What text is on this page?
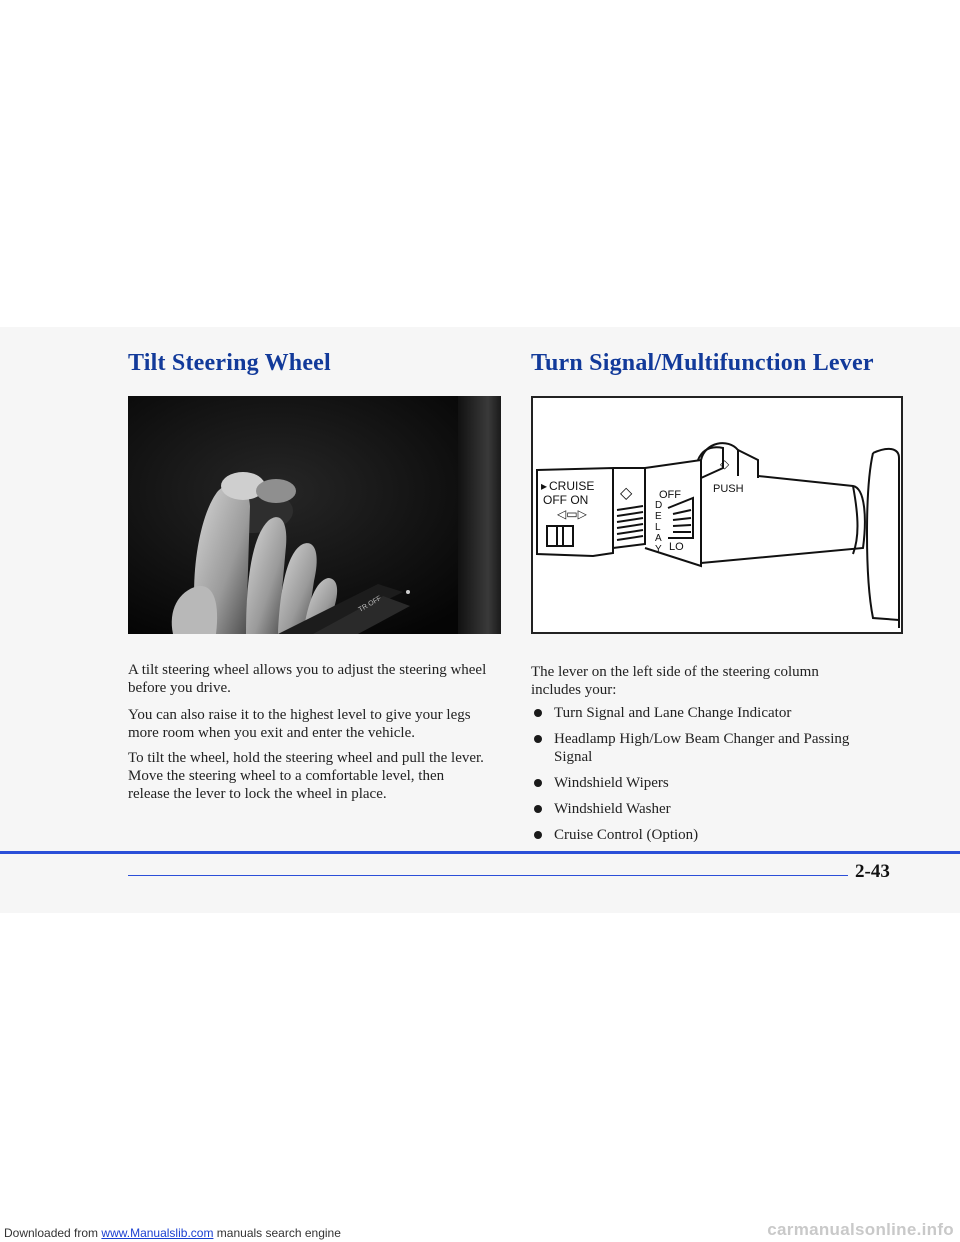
Tilt Steering Wheel	Turn Signal/Multifunction Lever
TR OFF
CRUISE
OFF ON
▸
◁▭▷
◇ OFF
D
E
L
A
Y LO
PUSH
◇

A tilt steering wheel allows you to adjust the steering wheel before you drive.

You can also raise it to the highest level to give your legs more room when you exit and enter the vehicle.

To tilt the wheel, hold the steering wheel and pull the lever. Move the steering wheel to a comfortable level, then release the lever to lock the wheel in place.

The lever on the left side of the steering column includes your:

Turn Signal and Lane Change Indicator
Headlamp High/Low Beam Changer and Passing Signal
Windshield Wipers
Windshield Washer
Cruise Control (Option)
2-43
Downloaded from www.Manualslib.com manuals search engine	carmanualsonline.info
